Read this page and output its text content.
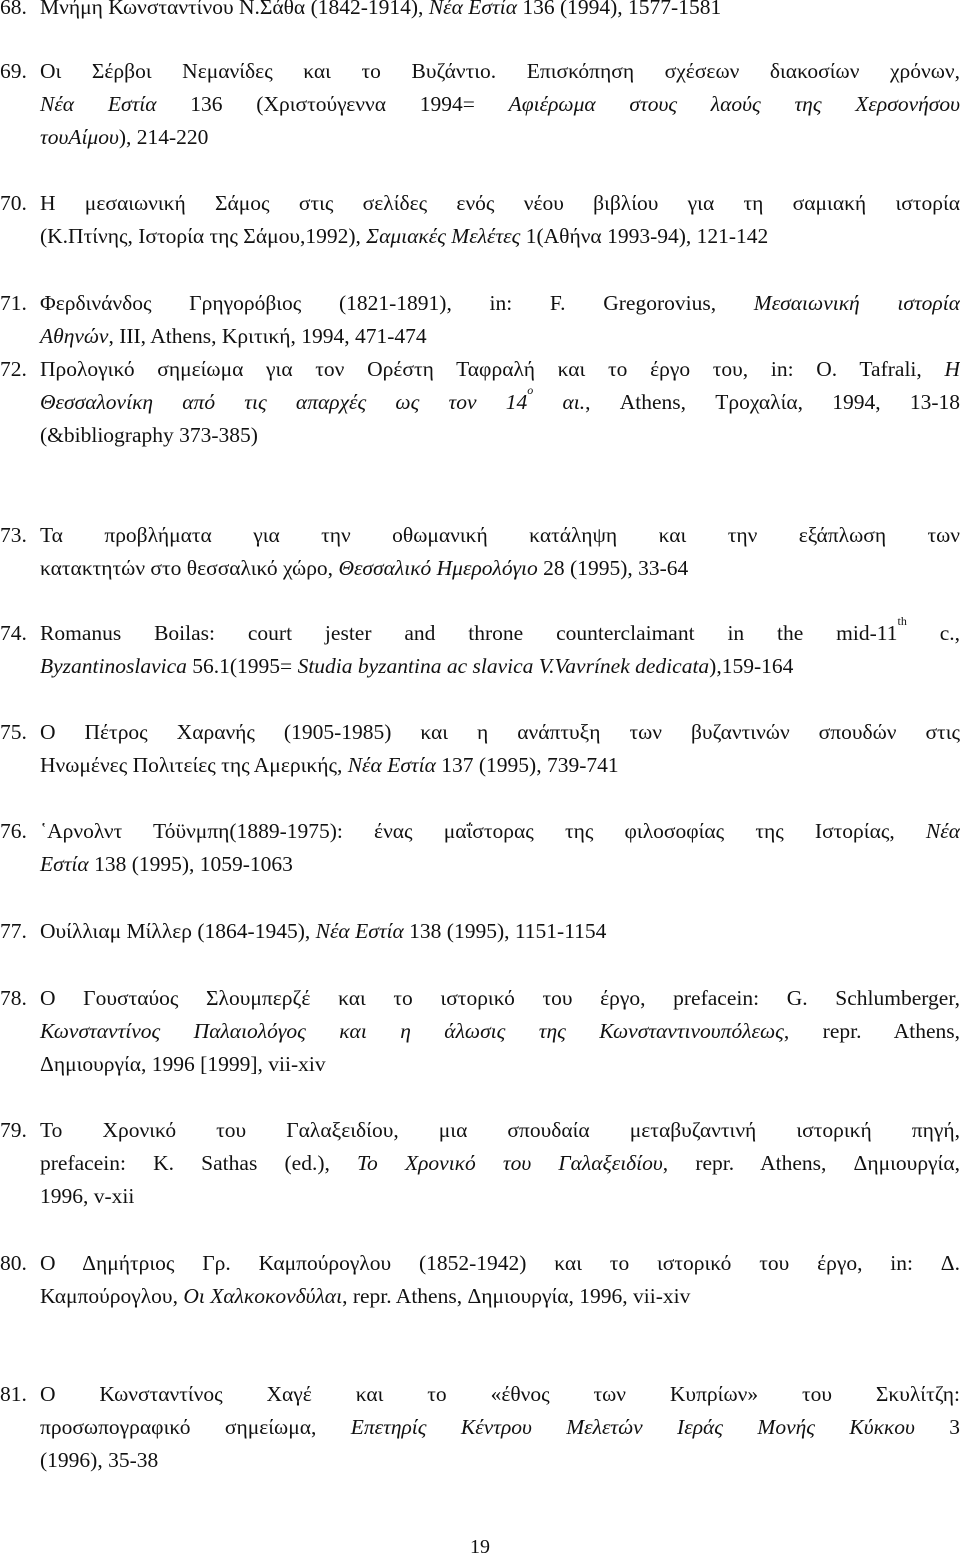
68. Μνήμη Κωνσταντίνου Ν.Σάθα (1842-1914), Νέα Εστία 136 (1994), 1577-1581
69. Οι Σέρβοι Νεμανίδες και το Βυζάντιο. Επισκόπηση σχέσεων διακοσίων χρόνων,
Νέα Εστία 136 (Χριστούγεννα 1994= Αφιέρωμα στους λαούς της Χερσονήσου
τουΑίμου), 214-220
70. Η μεσαιωνική Σάμος στις σελίδες ενός νέου βιβλίου για τη σαμιακή ιστορία
(Κ.Πτίνης, Ιστορία της Σάμου,1992), Σαμιακές Μελέτες 1(Αθήνα 1993-94), 121-142
71. Φερδινάνδος Γρηγορόβιος (1821-1891), in: F. Gregorovius, Μεσαιωνική ιστορία
Αθηνών, III, Athens, Κριτική, 1994, 471-474
72. Προλογικό σημείωμα για τον Ορέστη Ταφραλή και το έργο του, in: O. Tafrali, Η
Θεσσαλονίκη από τις απαρχές ως τον $14^o$ αι., Athens, Τροχαλία, 1994, 13-18
(&bibliography 373-385)
73. Τα προβλήματα για την οθωμανική κατάληψη και την εξάπλωση των
κατακτητών στο θεσσαλικό χώρο, Θεσσαλικό Ημερολόγιο 28 (1995), 33-64
74. Romanus Boilas: court jester and throne counterclaimant in the mid-11th c.,
Byzantinoslavica 56.1(1995= Studia byzantina ac slavica V.Vavrínek dedicata),159-164
75. Ο Πέτρος Χαρανής (1905-1985) και η ανάπτυξη των βυζαντινών σπουδών στις
Ηνωμένες Πολιτείες της Αμερικής, Νέα Εστία 137 (1995), 739-741
76. ῾Αρνολντ Τόϋνμπη(1889-1975): ένας μαΐστορας της φιλοσοφίας της Ιστορίας, Νέα
Εστία 138 (1995), 1059-1063
77. Ουίλλιαμ Μίλλερ (1864-1945), Νέα Εστία 138 (1995), 1151-1154
78. Ο Γουσταύος Σλουμπερζέ και το ιστορικό του έργο, prefacein: G. Schlumberger,
Κωνσταντίνος Παλαιολόγος και η άλωσις της Κωνσταντινουπόλεως, repr. Athens,
Δημιουργία, 1996 [1999], vii-xiv
79. Το Χρονικό του Γαλαξειδίου, μια σπουδαία μεταβυζαντινή ιστορική πηγή,
prefacein: K. Sathas (ed.), Το Χρονικό του Γαλαξειδίου, repr. Athens, Δημιουργία,
1996, v-xii
80. Ο Δημήτριος Γρ. Καμπούρογλου (1852-1942) και το ιστορικό του έργο, in: Δ.
Καμπούρογλου, Οι Χαλκοκονδύλαι, repr. Athens, Δημιουργία, 1996, vii-xiv
81. Ο Κωνσταντίνος Χαγέ και το «έθνος των Κυπρίων» του Σκυλίτζη:
προσωπογραφικό σημείωμα, Επετηρίς Κέντρου Μελετών Ιεράς Μονής Κύκκου 3
(1996), 35-38
19
